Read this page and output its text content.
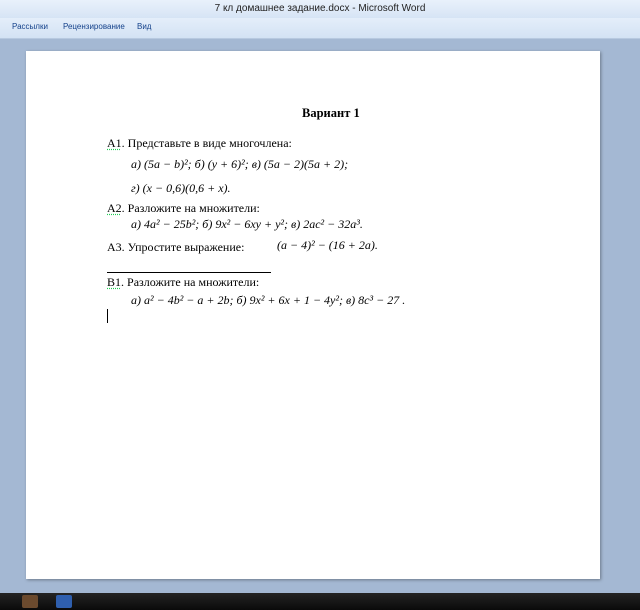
7 кл домашнее задание.docx - Microsoft Word
Рассылки Рецензирование Вид
Вариант 1
А1. Представьте в виде многочлена:
а) (5a − b)²; б) (y + 6)²; в) (5a − 2)(5a + 2);
г) (x − 0,6)(0,6 + x).
А2. Разложите на множители:
а) 4a² − 25b²; б) 9x² − 6xy + y²; в) 2ac² − 32a³.
А3. Упростите выражение:	(a − 4)² − (16 + 2a).
В1. Разложите на множители:
а) a² − 4b² − a + 2b; б) 9x² + 6x + 1 − 4y²; в) 8c³ − 27 .
